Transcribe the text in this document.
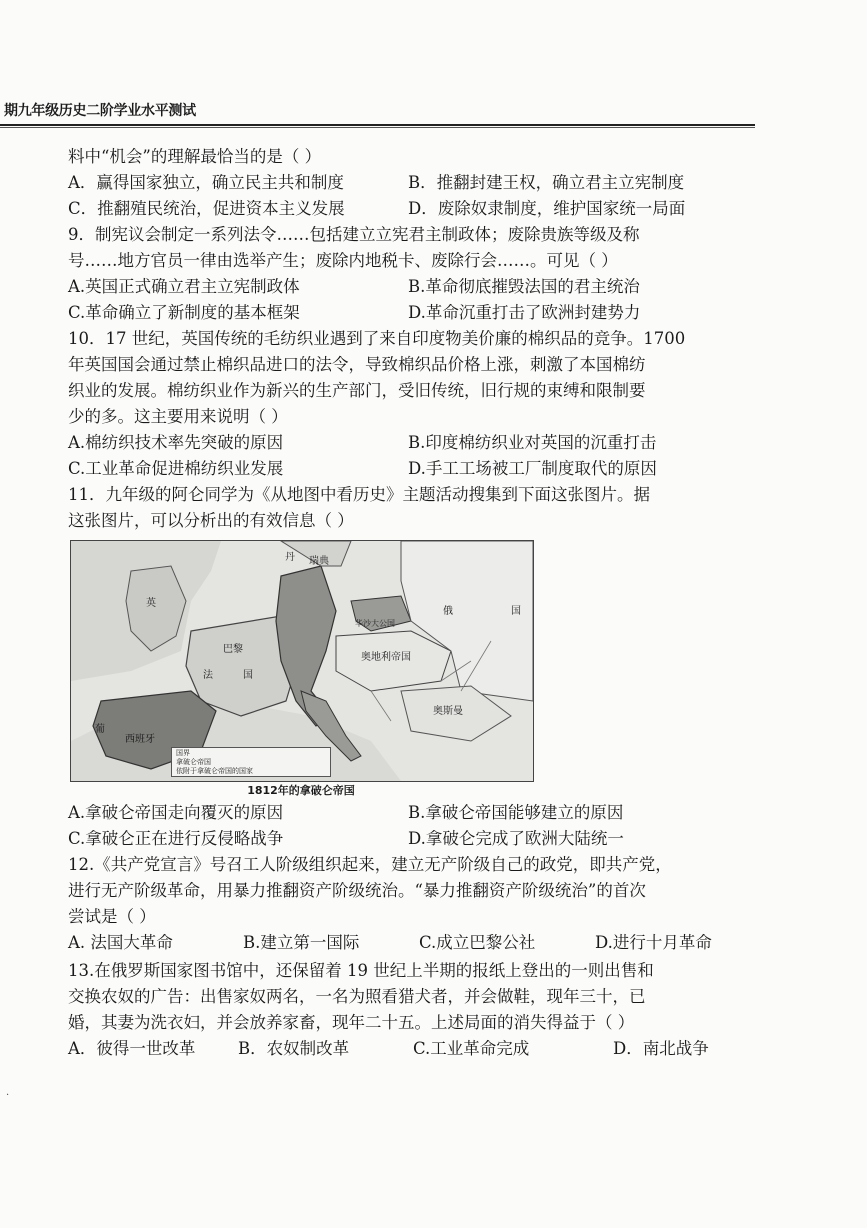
期九年级历史二阶学业水平测试
料中“机会”的理解最恰当的是（ ）
A．赢得国家独立，确立民主共和制度	B．推翻封建王权，确立君主立宪制度
C．推翻殖民统治，促进资本主义发展	D．废除奴隶制度，维护国家统一局面
9．制宪议会制定一系列法令……包括建立立宪君主制政体；废除贵族等级及称
号……地方官员一律由选举产生；废除内地税卡、废除行会……。可见（ ）
A.英国正式确立君主立宪制政体	B.革命彻底摧毁法国的君主统治
C.革命确立了新制度的基本框架	D.革命沉重打击了欧洲封建势力
10．17 世纪，英国传统的毛纺织业遇到了来自印度物美价廉的棉织品的竞争。1700
年英国国会通过禁止棉织品进口的法令，导致棉织品价格上涨，刺激了本国棉纺
织业的发展。棉纺织业作为新兴的生产部门，受旧传统，旧行规的束缚和限制要
少的多。这主要用来说明（ ）
A.棉纺织技术率先突破的原因	B.印度棉纺织业对英国的沉重打击
C.工业革命促进棉纺织业发展	D.手工工场被工厂制度取代的原因
11．九年级的阿仑同学为《从地图中看历史》主题活动搜集到下面这张图片。据
这张图片，可以分析出的有效信息（ ）
丹 瑞典
英
俄	国
华沙大公国
奥地利帝国
巴黎
法	国
奥斯曼
西班牙
葡
国界
拿破仑帝国
依附于拿破仑帝国的国家
1812年的拿破仑帝国
A.拿破仑帝国走向覆灭的原因	B.拿破仑帝国能够建立的原因
C.拿破仑正在进行反侵略战争	D.拿破仑完成了欧洲大陆统一
12.《共产党宣言》号召工人阶级组织起来，建立无产阶级自己的政党，即共产党，
进行无产阶级革命，用暴力推翻资产阶级统治。“暴力推翻资产阶级统治”的首次
尝试是（ ）
A. 法国大革命	B.建立第一国际	C.成立巴黎公社	D.进行十月革命
13.在俄罗斯国家图书馆中，还保留着 19 世纪上半期的报纸上登出的一则出售和
交换农奴的广告：出售家奴两名，一名为照看猎犬者，并会做鞋，现年三十，已
婚，其妻为洗衣妇，并会放养家畜，现年二十五。上述局面的消失得益于（ ）
A．彼得一世改革	B．农奴制改革	C.工业革命完成	D．南北战争
·
